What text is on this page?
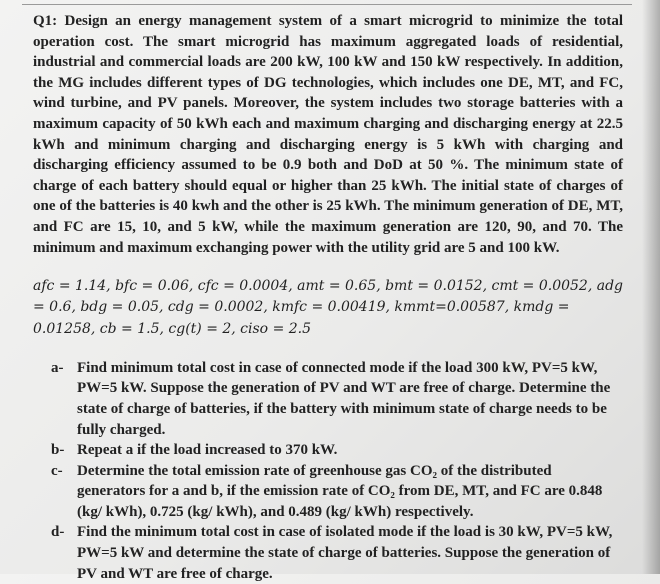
Q1: Design an energy management system of a smart microgrid to minimize the total operation cost. The smart microgrid has maximum aggregated loads of residential, industrial and commercial loads are 200 kW, 100 kW and 150 kW respectively. In addition, the MG includes different types of DG technologies, which includes one DE, MT, and FC, wind turbine, and PV panels. Moreover, the system includes two storage batteries with a maximum capacity of 50 kWh each and maximum charging and discharging energy at 22.5 kWh and minimum charging and discharging energy is 5 kWh with charging and discharging efficiency assumed to be 0.9 both and DoD at 50 %. The minimum state of charge of each battery should equal or higher than 25 kWh. The initial state of charges of one of the batteries is 40 kwh and the other is 25 kWh. The minimum generation of DE, MT, and FC are 15, 10, and 5 kW, while the maximum generation are 120, 90, and 70. The minimum and maximum exchanging power with the utility grid are 5 and 100 kW.

afc = 1.14, bfc = 0.06, cfc = 0.0004, amt = 0.65, bmt = 0.0152, cmt = 0.0052, adg = 0.6, bdg = 0.05, cdg = 0.0002, kmfc = 0.00419, kmmt=0.00587, kmdg = 0.01258, cb = 1.5, cg(t) = 2, ciso = 2.5

a- Find minimum total cost in case of connected mode if the load 300 kW, PV=5 kW, PW=5 kW. Suppose the generation of PV and WT are free of charge. Determine the state of charge of batteries, if the battery with minimum state of charge needs to be fully charged.
b- Repeat a if the load increased to 370 kW.
c- Determine the total emission rate of greenhouse gas CO₂ of the distributed generators for a and b, if the emission rate of CO₂ from DE, MT, and FC are 0.848 (kg/ kWh), 0.725 (kg/ kWh), and 0.489 (kg/ kWh) respectively.
d- Find the minimum total cost in case of isolated mode if the load is 30 kW, PV=5 kW, PW=5 kW and determine the state of charge of batteries. Suppose the generation of PV and WT are free of charge.
